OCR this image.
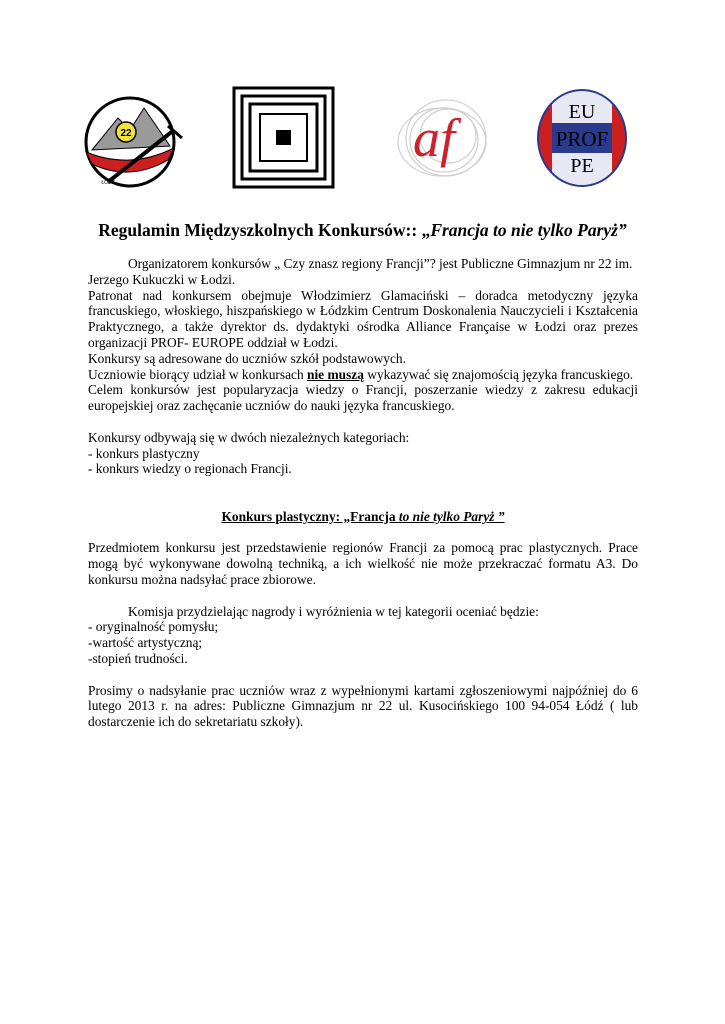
22
ŁÓDŹ
af	EU
PROF
PE
Regulamin Międzyszkolnych Konkursów:: „Francja to nie tylko Paryż”
Organizatorem konkursów „ Czy znasz regiony Francji”? jest Publiczne Gimnazjum nr 22 im.
Jerzego Kukuczki w Łodzi.
Patronat nad konkursem obejmuje Włodzimierz Glamaciński – doradca metodyczny języka
francuskiego, włoskiego, hiszpańskiego w Łódzkim Centrum Doskonalenia Nauczycieli i Kształcenia
Praktycznego, a także dyrektor ds. dydaktyki ośrodka Alliance Française w Łodzi oraz prezes
organizacji PROF- EUROPE oddział w Łodzi.
Konkursy są adresowane do uczniów szkół podstawowych.
Uczniowie biorący udział w konkursach nie muszą wykazywać się znajomością języka francuskiego.
Celem konkursów jest popularyzacja wiedzy o Francji, poszerzanie wiedzy z zakresu edukacji
europejskiej oraz zachęcanie uczniów do nauki języka francuskiego.
Konkursy odbywają się w dwóch niezależnych kategoriach:
- konkurs plastyczny
- konkurs wiedzy o regionach Francji.
Konkurs plastyczny: „Francja to nie tylko Paryż ”
Przedmiotem konkursu jest przedstawienie regionów Francji za pomocą prac plastycznych. Prace
mogą być wykonywane dowolną techniką, a ich wielkość nie może przekraczać formatu A3. Do
konkursu można nadsyłać prace zbiorowe.
Komisja przydzielając nagrody i wyróżnienia w tej kategorii oceniać będzie:
- oryginalność pomysłu;
-wartość artystyczną;
-stopień trudności.
Prosimy o nadsyłanie prac uczniów wraz z wypełnionymi kartami zgłoszeniowymi najpóźniej do 6
lutego 2013 r. na adres: Publiczne Gimnazjum nr 22 ul. Kusocińskiego 100 94-054 Łódź ( lub
dostarczenie ich do sekretariatu szkoły).
